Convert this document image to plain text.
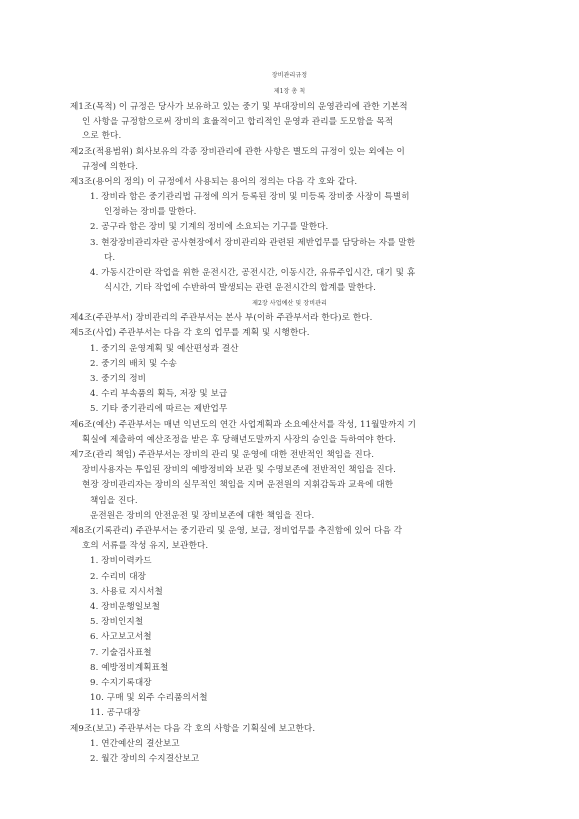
장비관리규정

제1장 총 칙

제1조(목적) 이 규정은 당사가 보유하고 있는 중기 및 부대장비의 운영관리에 관한 기본적

인 사항을 규정함으로써 장비의 효율적이고 합리적인 운영과 관리를 도모함을 목적

으로 한다.

제2조(적용범위) 회사보유의 각종 장비관리에 관한 사항은 별도의 규정이 있는 외에는 이

규정에 의한다.

제3조(용어의 정의) 이 규정에서 사용되는 용어의 정의는 다음 각 호와 같다.

1. 장비라 함은 중기관리법 규정에 의거 등록된 장비 및 미등록 장비중 사장이 특별히

인정하는 장비를 말한다.

2. 공구라 함은 장비 및 기계의 정비에 소요되는 기구를 말한다.

3. 현장장비관리자란 공사현장에서 장비관리와 관련된 제반업무를 담당하는 자를 말한

다.

4. 가동시간이란 작업을 위한 운전시간, 공전시간, 이동시간, 유류주입시간, 대기 및 휴

식시간, 기타 작업에 수반하여 발생되는 관련 운전시간의 합계를 말한다.

제2장 사업예산 및 장비관리

제4조(주관부서) 장비관리의 주관부서는 본사 부(이하 주관부서라 한다)로 한다.

제5조(사업) 주관부서는 다음 각 호의 업무를 계획 및 시행한다.

1. 중기의 운영계획 및 예산편성과 결산

2. 중기의 배치 및 수송

3. 중기의 정비

4. 수리 부속품의 획득, 저장 및 보급

5. 기타 중기관리에 따르는 제반업무

제6조(예산) 주관부서는 매년 익년도의 연간 사업계획과 소요예산서를 작성, 11월말까지 기

획실에 제출하여 예산조정을 받은 후 당해년도말까지 사장의 승인을 득하여야 한다.

제7조(관리 책임) 주관부서는 장비의 관리 및 운영에 대한 전반적인 책임을 진다.

장비사용자는 투입된 장비의 예방정비와 보관 및 수명보존에 전반적인 책임을 진다.

현장 장비관리자는 장비의 실무적인 책임을 지며 운전원의 지휘감독과 교육에 대한

책임을 진다.

운전원은 장비의 안전운전 및 장비보존에 대한 책임을 진다.

제8조(기록관리) 주관부서는 중기관리 및 운영, 보급, 정비업무를 추진함에 있어 다음 각

호의 서류를 작성 유지, 보관한다.

1. 장비이력카드

2. 수리비 대장

3. 사용료 지시서철

4. 장비운행일보철

5. 장비인지철

6. 사고보고서철

7. 기술검사표철

8. 예방정비계획표철

9. 수지기록대장

10. 구매 및 외주 수리품의서철

11. 공구대장

제9조(보고) 주관부서는 다음 각 호의 사항을 기획실에 보고한다.

1. 연간예산의 결산보고

2. 월간 장비의 수지결산보고
